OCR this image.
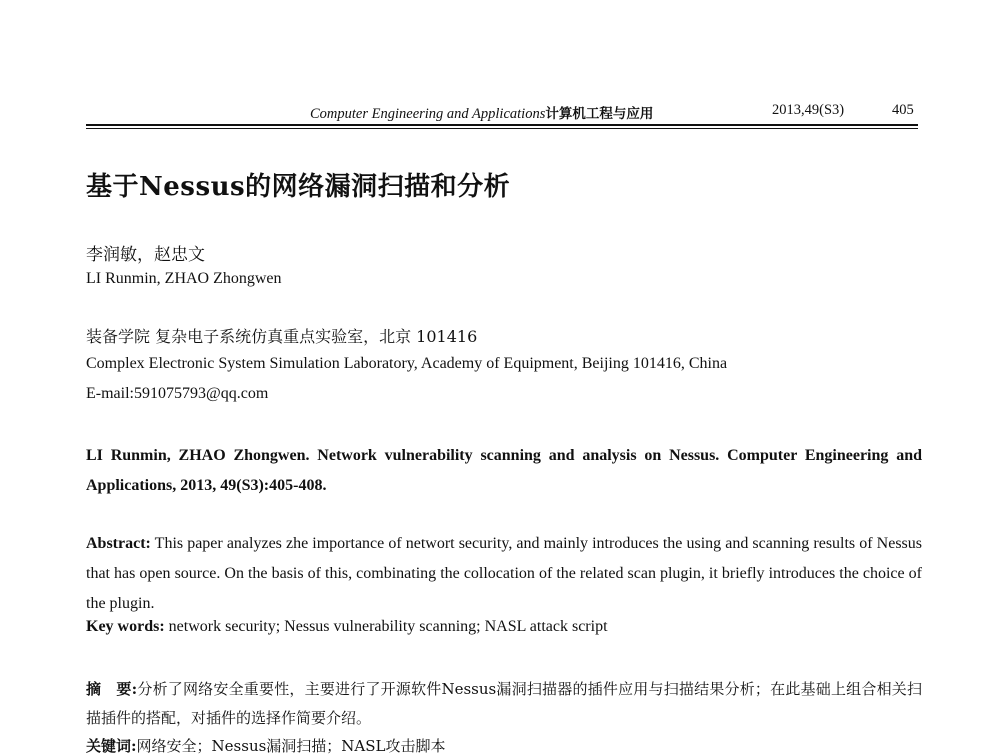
Computer Engineering and Applications计算机工程与应用	2013,49(S3)	405
基于Nessus的网络漏洞扫描和分析
李润敏，赵忠文
LI Runmin, ZHAO Zhongwen
装备学院 复杂电子系统仿真重点实验室，北京 101416
Complex Electronic System Simulation Laboratory, Academy of Equipment, Beijing 101416, China
E-mail:591075793@qq.com
LI Runmin, ZHAO Zhongwen. Network vulnerability scanning and analysis on Nessus. Computer Engineering and Applications, 2013, 49(S3):405-408.
Abstract: This paper analyzes zhe importance of networt security, and mainly introduces the using and scanning results of Nessus that has open source. On the basis of this, combinating the collocation of the related scan plugin, it briefly introduces the choice of the plugin.
Key words: network security; Nessus vulnerability scanning; NASL attack script
摘　要:分析了网络安全重要性，主要进行了开源软件Nessus漏洞扫描器的插件应用与扫描结果分析；在此基础上组合相关扫描插件的搭配，对插件的选择作简要介绍。
关键词:网络安全；Nessus漏洞扫描；NASL攻击脚本
